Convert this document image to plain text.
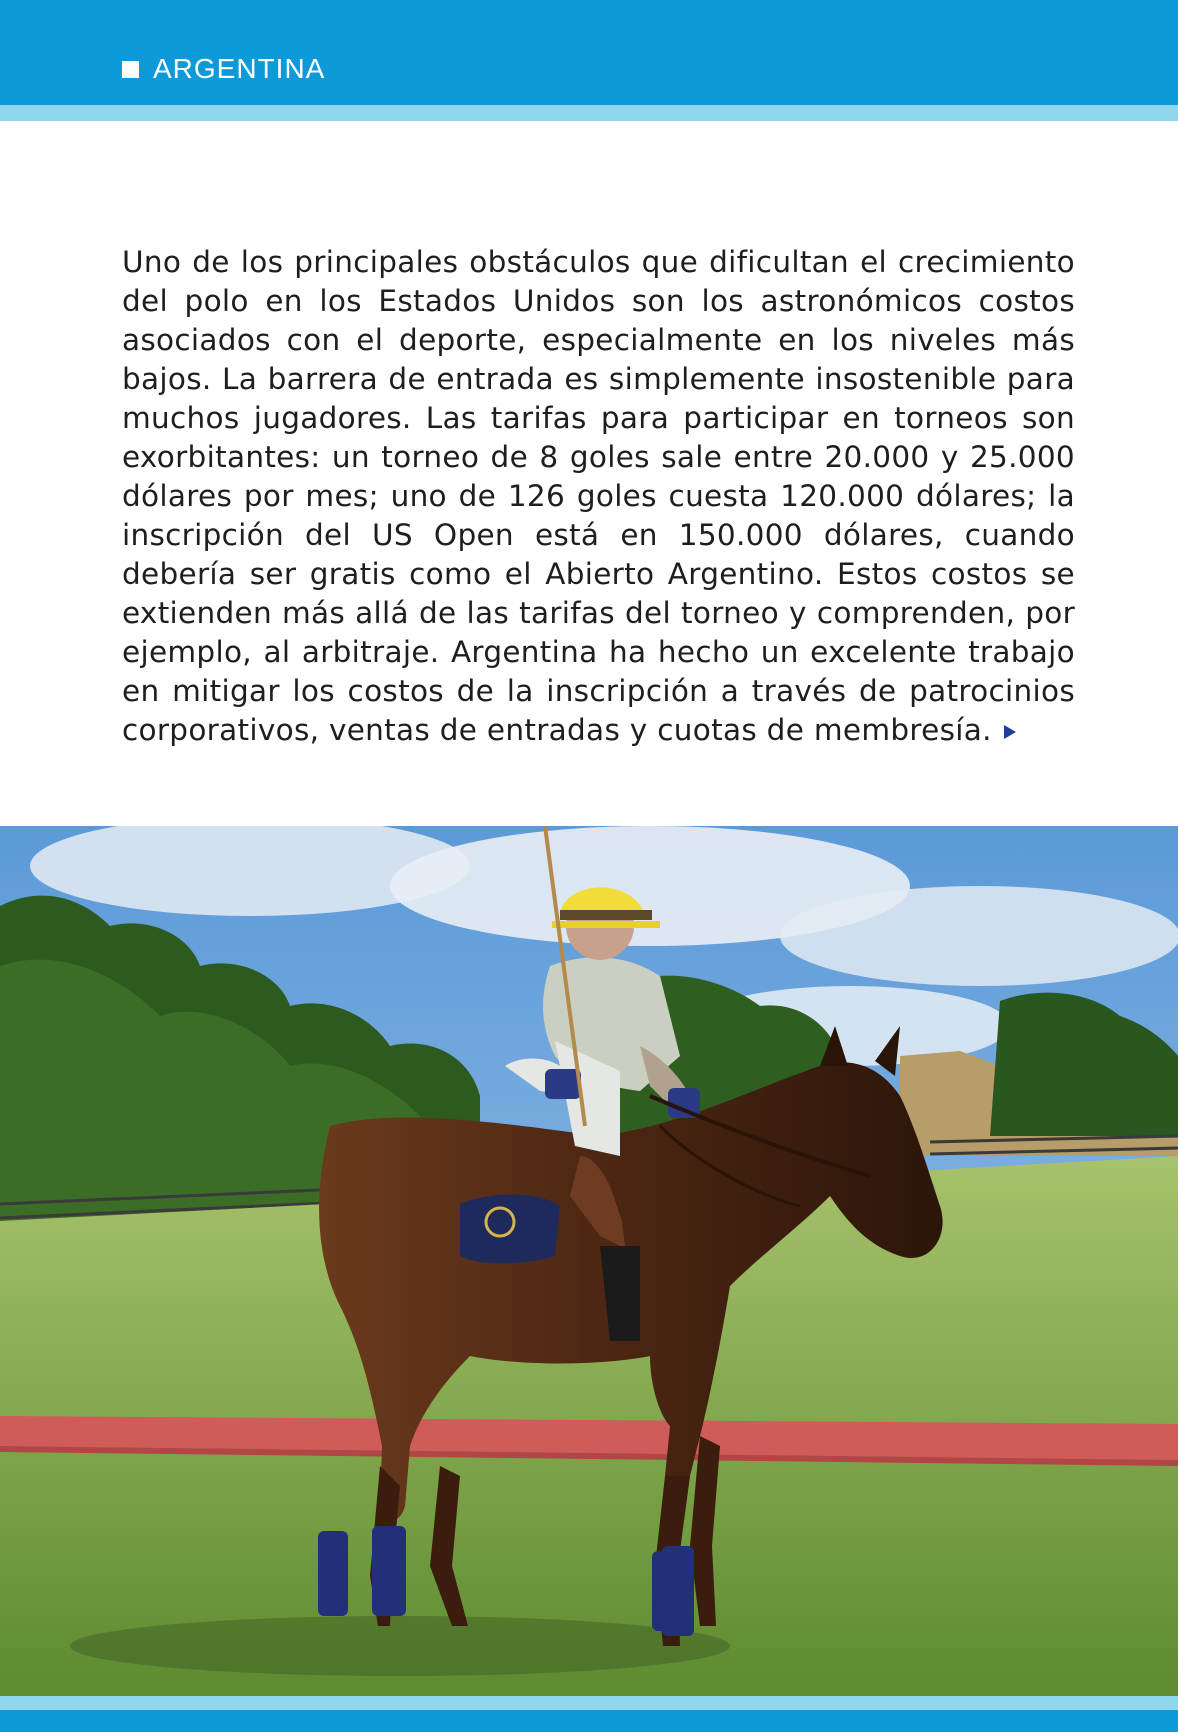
ARGENTINA
Uno de los principales obstáculos que dificultan el crecimiento del polo en los Estados Unidos son los astronómicos costos asociados con el deporte, especialmente en los niveles más bajos. La barrera de entrada es simplemente insostenible para muchos jugadores. Las tarifas para participar en torneos son exorbitantes: un torneo de 8 goles sale entre 20.000 y 25.000 dólares por mes; uno de 126 goles cuesta 120.000 dólares; la inscripción del US Open está en 150.000 dólares, cuando debería ser gratis como el Abierto Argentino. Estos costos se extienden más allá de las tarifas del torneo y comprenden, por ejemplo, al arbitraje. Argentina ha hecho un excelente trabajo en mitigar los costos de la inscripción a través de patrocinios corporativos, ventas de entradas y cuotas de membresía.
